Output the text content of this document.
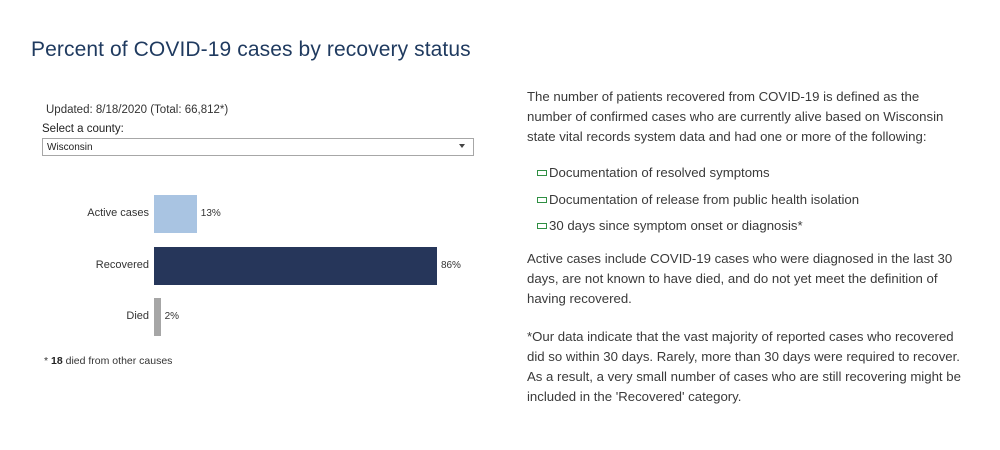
Percent of COVID-19 cases by recovery status
Updated: 8/18/2020 (Total: 66,812*)
Select a county:
Wisconsin
Active cases	13%
Recovered	86%
Died 2%
* 18 died from other causes
The number of patients recovered from COVID-19 is defined as the number of confirmed cases who are currently alive based on Wisconsin state vital records system data and had one or more of the following:
Documentation of resolved symptoms
Documentation of release from public health isolation
30 days since symptom onset or diagnosis*
Active cases include COVID-19 cases who were diagnosed in the last 30 days, are not known to have died, and do not yet meet the definition of having recovered.
*Our data indicate that the vast majority of reported cases who recovered did so within 30 days. Rarely, more than 30 days were required to recover. As a result, a very small number of cases who are still recovering might be included in the 'Recovered' category.
